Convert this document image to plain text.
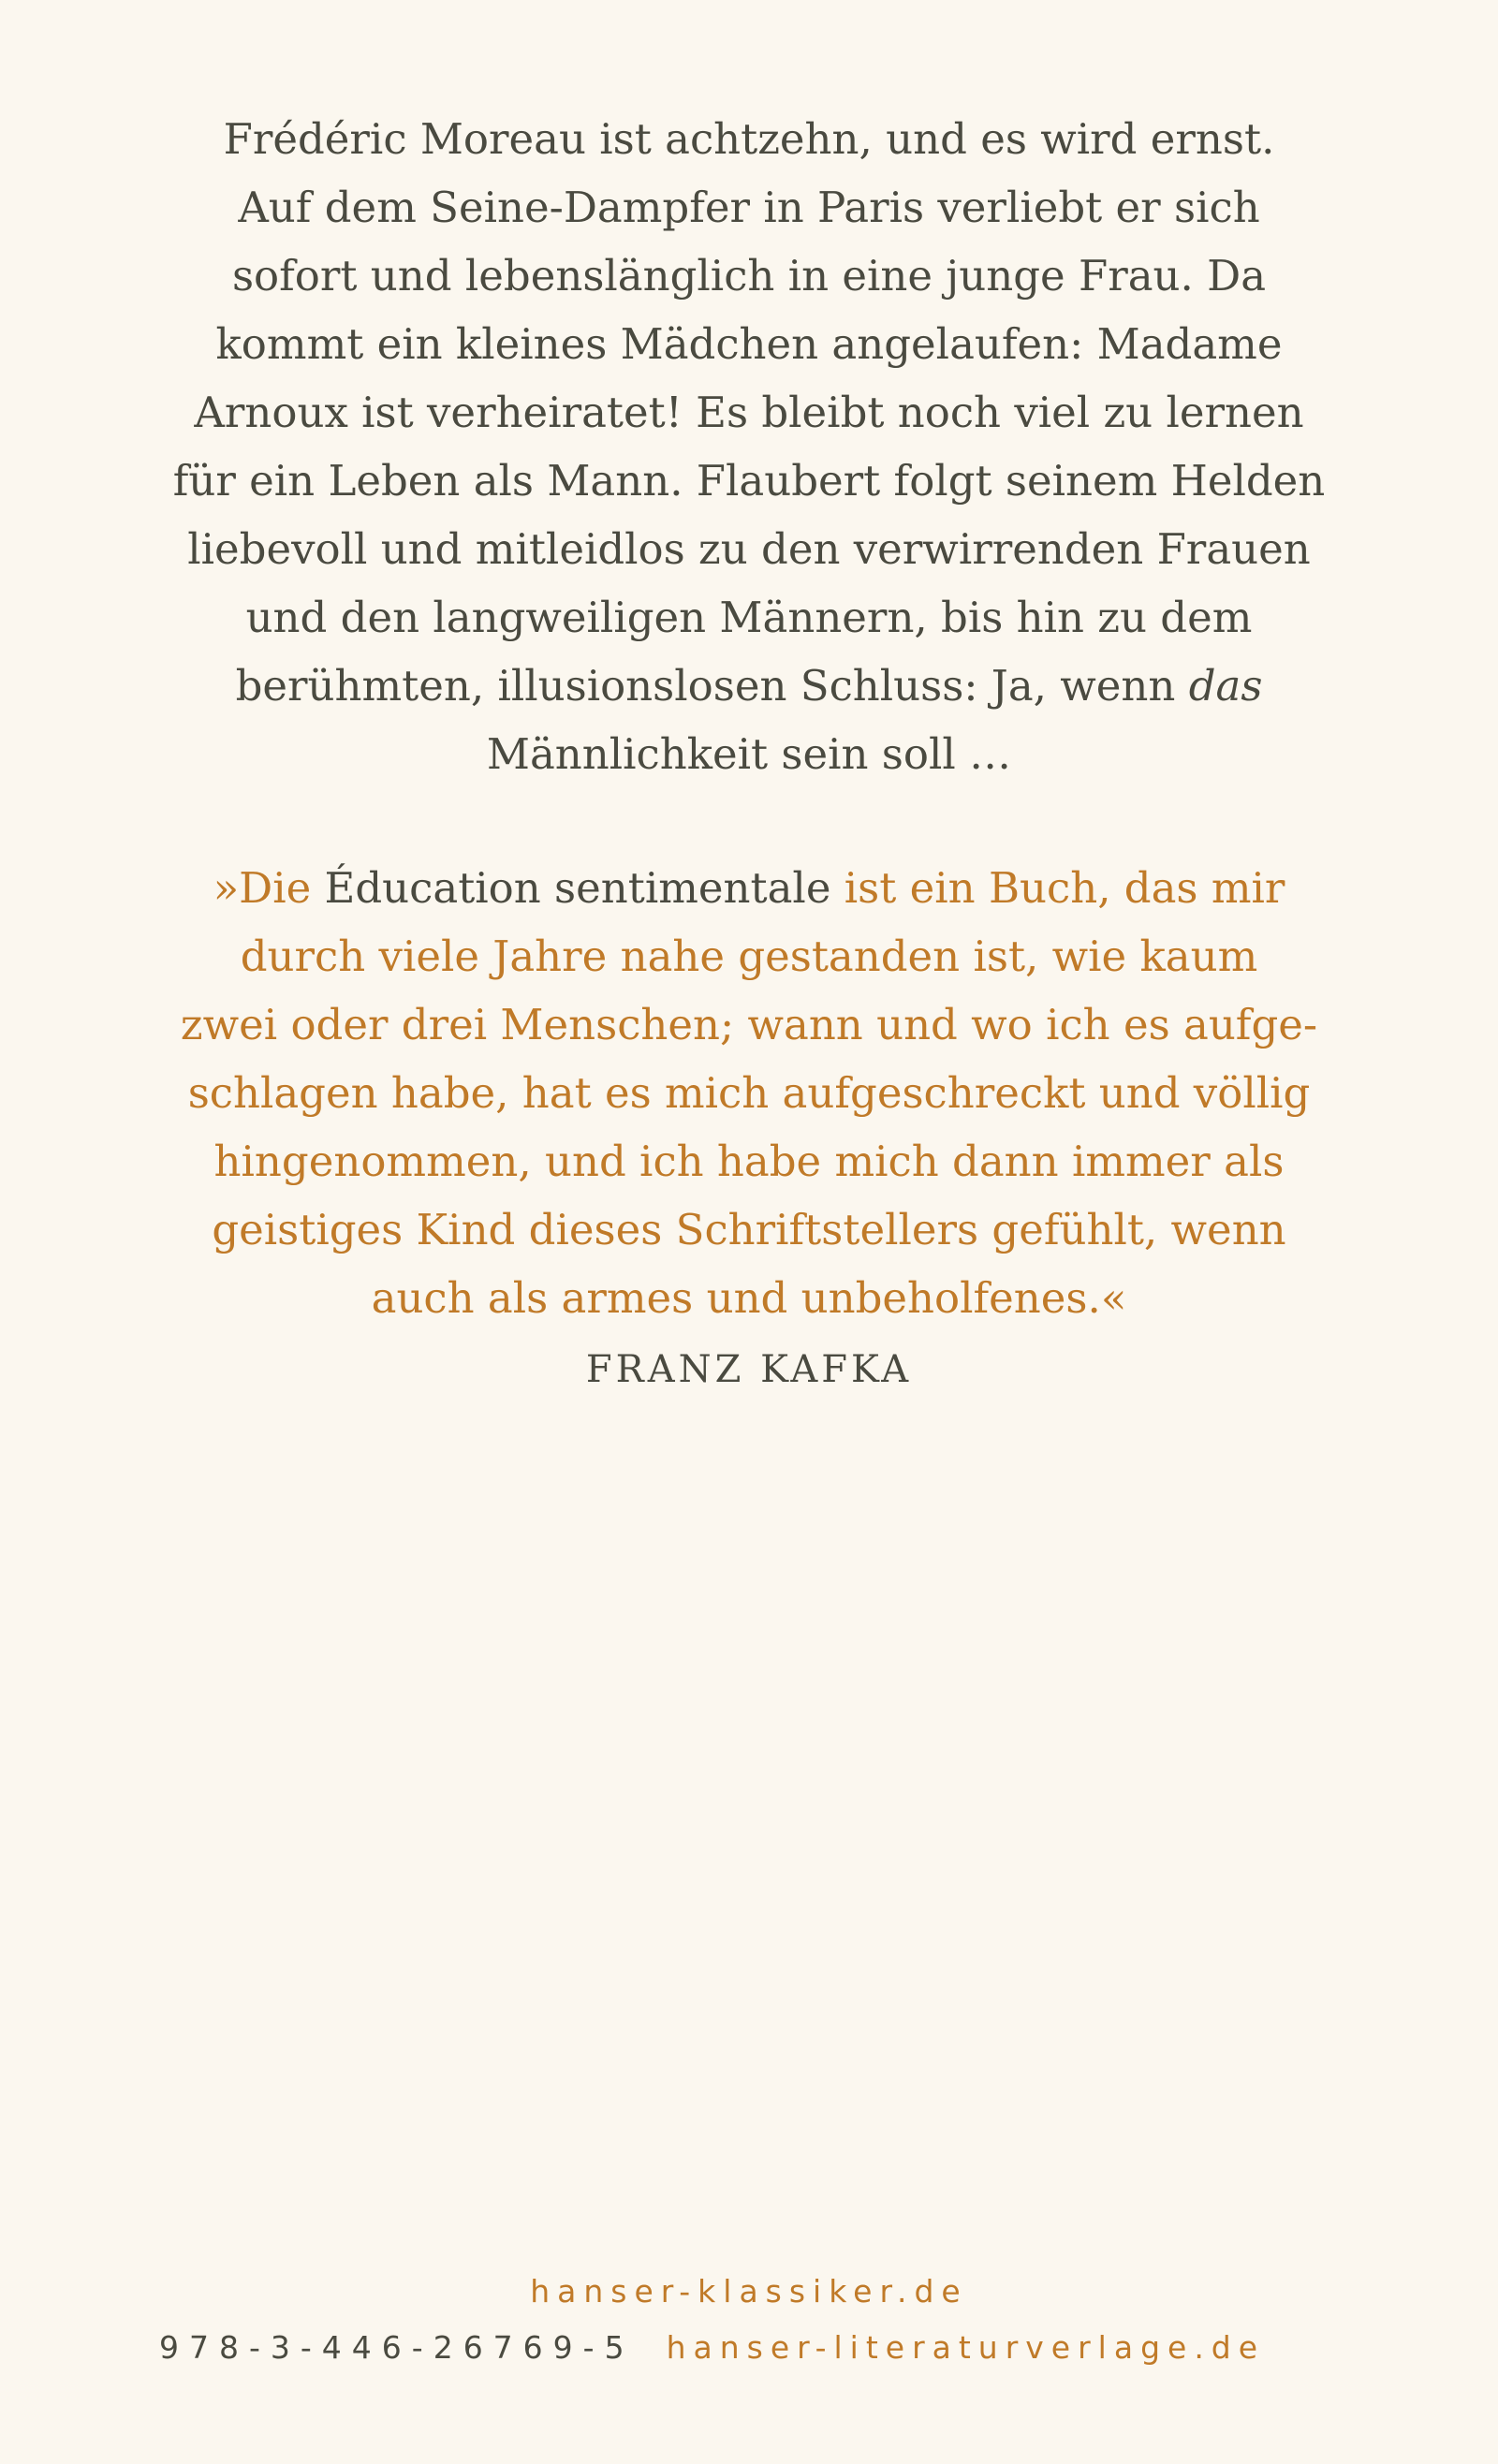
Frédéric Moreau ist achtzehn, und es wird ernst.
Auf dem Seine-Dampfer in Paris verliebt er sich
sofort und lebenslänglich in eine junge Frau. Da
kommt ein kleines Mädchen angelaufen: Madame
Arnoux ist verheiratet! Es bleibt noch viel zu lernen
für ein Leben als Mann. Flaubert folgt seinem Helden
liebevoll und mitleidlos zu den verwirrenden Frauen
und den langweiligen Männern, bis hin zu dem
berühmten, illusionslosen Schluss: Ja, wenn das
Männlichkeit sein soll …

»Die Éducation sentimentale ist ein Buch, das mir
durch viele Jahre nahe gestanden ist, wie kaum
zwei oder drei Menschen; wann und wo ich es aufge-
schlagen habe, hat es mich aufgeschreckt und völlig
hingenommen, und ich habe mich dann immer als
geistiges Kind dieses Schriftstellers gefühlt, wenn
auch als armes und unbeholfenes.«

FRANZ KAFKA
hanser-klassiker.de
978-3-446-26769-5 hanser-literaturverlage.de
